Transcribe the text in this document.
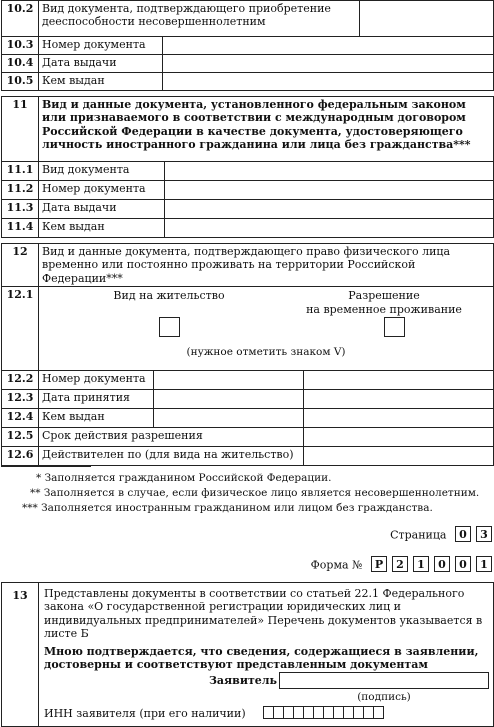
10.2	Вид документа, подтверждающего приобретение дееспособности несовершеннолетним	
10.3	Номер документа	

10.4	Дата выдачи	

10.5	Кем выдан	
11	Вид и данные документа, установленного федеральным законом или признаваемого в соответствии с международным договором Российской Федерации в качестве документа, удостоверяющего личность иностранного гражданина или лица без гражданства***	
11.1	Вид документа	
11.2	Номер документа	
11.3	Дата выдачи	
11.4	Кем выдан	
12	Вид и данные документа, подтверждающего право физического лица временно или постоянно проживать на территории Российской Федерации***		
12.1	Вид на жительство Разрешение
на временное проживание
(нужное отметить знаком V)		

12.2	Номер документа		
12.3	Дата принятия		
12.4	Кем выдан		
12.5	Срок действия разрешения		
12.6	Действителен по (для вида на жительство)		
* Заполняется гражданином Российской Федерации.
** Заполняется в случае, если физическое лицо является несовершеннолетним.
*** Заполняется иностранным гражданином или лицом без гражданства.
Страница 0 3
Форма № Р 2 1 0 0 1
13	Представлены документы в соответствии со статьей 22.1 Федерального закона «О государственной регистрации юридических лиц и индивидуальных предпринимателей» Перечень документов указывается в листе Б
Мною подтверждается, что сведения, содержащиеся в заявлении, достоверны и соответствуют представленным документам
Заявитель
(подпись)
ИНН заявителя (при его наличии)
